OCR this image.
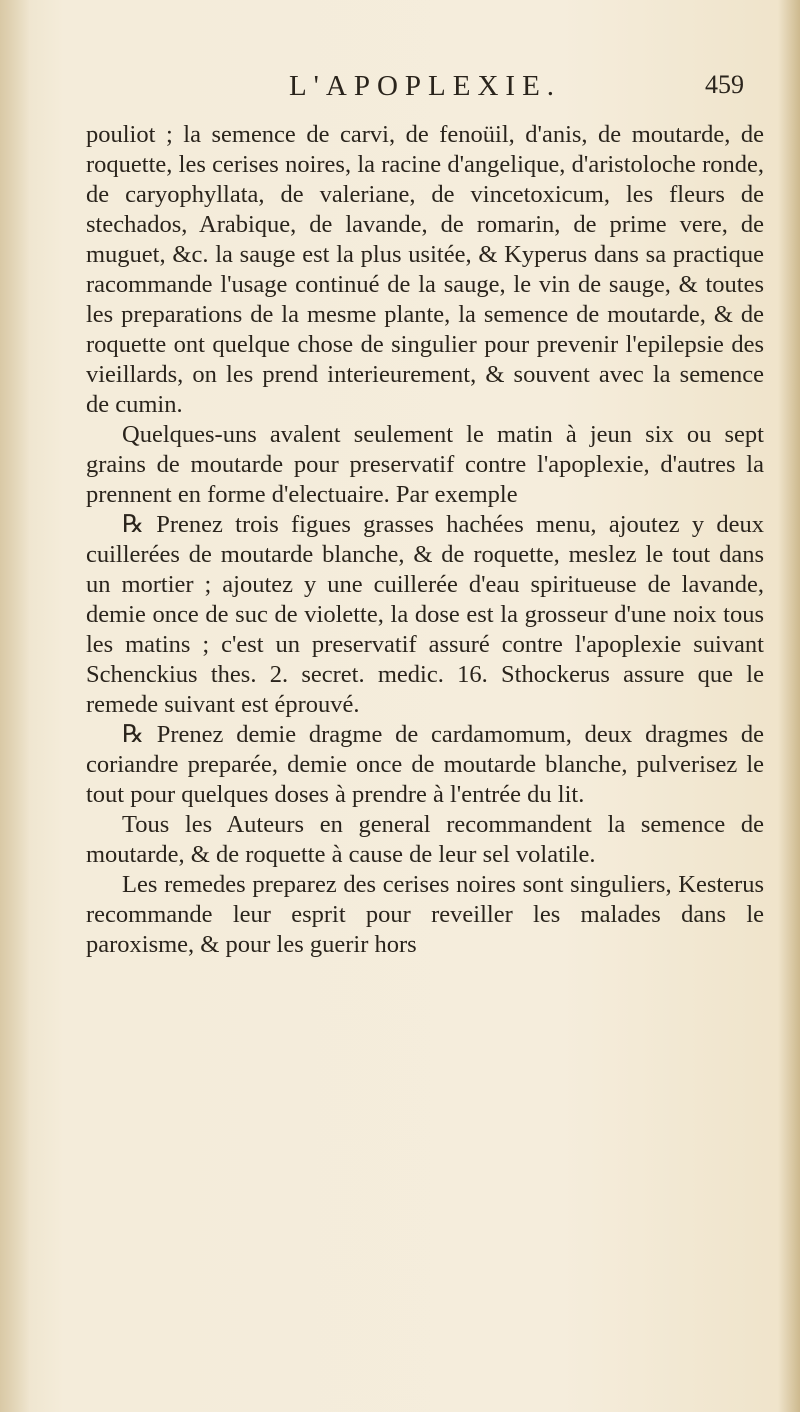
L'APOPLEXIE.	459

pouliot ; la semence de carvi, de fenoüil, d'anis, de moutarde, de roquette, les cerises noires, la racine d'angelique, d'aristoloche ronde, de caryophyllata, de valeriane, de vincetoxicum, les fleurs de stechados, Arabique, de lavande, de romarin, de prime vere, de muguet, &c. la sauge est la plus usitée, & Kyperus dans sa practique racommande l'usage continué de la sauge, le vin de sauge, & toutes les preparations de la mesme plante, la semence de moutarde, & de roquette ont quelque chose de singulier pour prevenir l'epilepsie des vieillards, on les prend interieurement, & souvent avec la semence de cumin.

Quelques-uns avalent seulement le matin à jeun six ou sept grains de moutarde pour preservatif contre l'apoplexie, d'autres la prennent en forme d'electuaire. Par exemple

℞ Prenez trois figues grasses hachées menu, ajoutez y deux cuillerées de moutarde blanche, & de roquette, meslez le tout dans un mortier ; ajoutez y une cuillerée d'eau spiritueuse de lavande, demie once de suc de violette, la dose est la grosseur d'une noix tous les matins ; c'est un preservatif assuré contre l'apoplexie suivant Schenckius thes. 2. secret. medic. 16. Sthockerus assure que le remede suivant est éprouvé.

℞ Prenez demie dragme de cardamomum, deux dragmes de coriandre preparée, demie once de moutarde blanche, pulverisez le tout pour quelques doses à prendre à l'entrée du lit.

Tous les Auteurs en general recommandent la semence de moutarde, & de roquette à cause de leur sel volatile.

Les remedes preparez des cerises noires sont singuliers, Kesterus recommande leur esprit pour reveiller les malades dans le paroxisme, & pour les guerir hors
